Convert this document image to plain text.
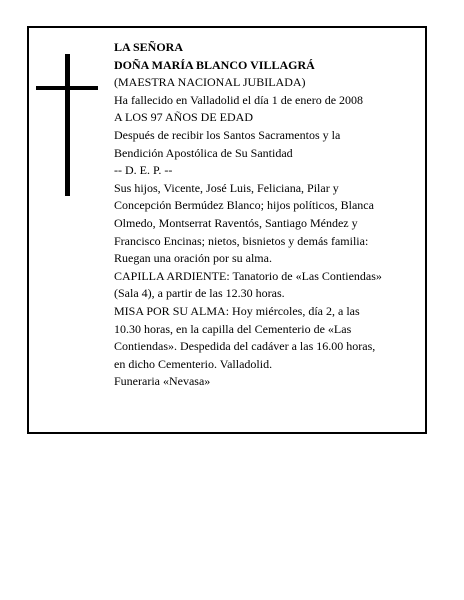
LA SEÑORA

DOÑA MARÍA BLANCO VILLAGRÁ

(MAESTRA NACIONAL JUBILADA)

Ha fallecido en Valladolid el día 1 de enero de 2008

A LOS 97 AÑOS DE EDAD

Después de recibir los Santos Sacramentos y la

Bendición Apostólica de Su Santidad

-- D. E. P. --

Sus hijos, Vicente, José Luis, Feliciana, Pilar y

Concepción Bermúdez Blanco; hijos políticos, Blanca

Olmedo, Montserrat Raventós, Santiago Méndez y

Francisco Encinas; nietos, bisnietos y demás familia:

Ruegan una oración por su alma.

CAPILLA ARDIENTE: Tanatorio de «Las Contiendas»

(Sala 4), a partir de las 12.30 horas.

MISA POR SU ALMA: Hoy miércoles, día 2, a las

10.30 horas, en la capilla del Cementerio de «Las

Contiendas». Despedida del cadáver a las 16.00 horas,

en dicho Cementerio. Valladolid.

Funeraria «Nevasa»
